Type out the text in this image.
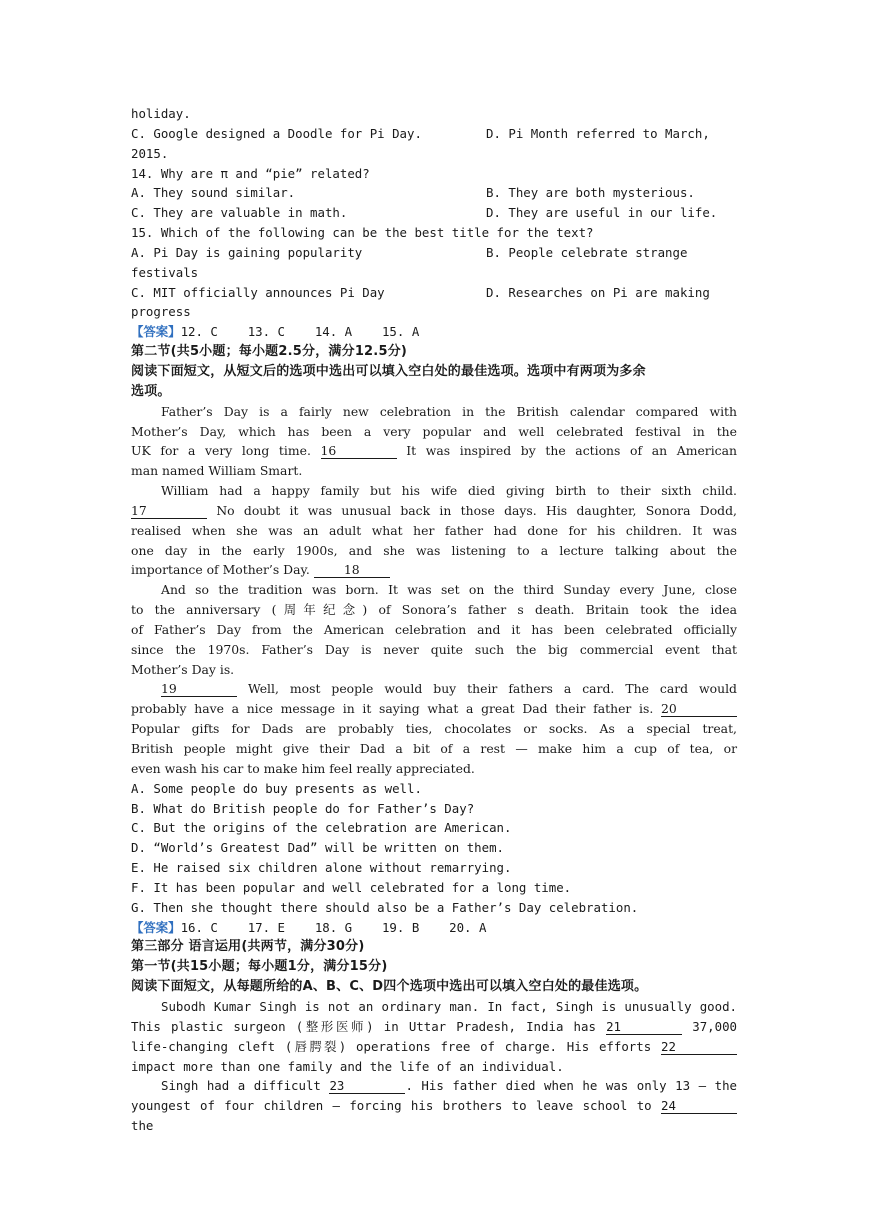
holiday.
C. Google designed a Doodle for Pi Day.	D. Pi Month referred to March,
2015.
14. Why are π and “pie” related?
A. They sound similar.	B. They are both mysterious.
C. They are valuable in math.	D. They are useful in our life.
15. Which of the following can be the best title for the text?
A. Pi Day is gaining popularity	B. People celebrate strange
festivals
C. MIT officially announces Pi Day	D. Researches on Pi are making
progress
【答案】12. C    13. C    14. A    15. A
第二节(共5小题；每小题2.5分，满分12.5分)
阅读下面短文，从短文后的选项中选出可以填入空白处的最佳选项。选项中有两项为多余
选项。
Father’s Day is a fairly new celebration in the British calendar compared with
Mother’s Day, which has been a very popular and well celebrated festival in the
UK for a very long time. 16	It was inspired by the actions of an American
man named William Smart.
William had a happy family but his wife died giving birth to their sixth child.
17	No doubt it was unusual back in those days. His daughter, Sonora Dodd,
realised when she was an adult what her father had done for his children. It was
one day in the early 1900s, and she was listening to a lecture talking about the
importance of Mother’s Day.	18
And so the tradition was born. It was set on the third Sunday every June, close
to the anniversary (周年纪念) of Sonora’s father s death. Britain took the idea
of Father’s Day from the American celebration and it has been celebrated officially
since the 1970s. Father’s Day is never quite such the big commercial event that
Mother’s Day is.
19	Well, most people would buy their fathers a card. The card would
probably have a nice message in it saying what a great Dad their father is. 20
Popular gifts for Dads are probably ties, chocolates or socks. As a special treat,
British people might give their Dad a bit of a rest — make him a cup of tea, or
even wash his car to make him feel really appreciated.
A. Some people do buy presents as well.
B. What do British people do for Father’s Day?
C. But the origins of the celebration are American.
D. “World’s Greatest Dad” will be written on them.
E. He raised six children alone without remarrying.
F. It has been popular and well celebrated for a long time.
G. Then she thought there should also be a Father’s Day celebration.
【答案】16. C    17. E    18. G    19. B    20. A
第三部分 语言运用(共两节，满分30分)
第一节(共15小题；每小题1分，满分15分)
阅读下面短文，从每题所给的A、B、C、D四个选项中选出可以填入空白处的最佳选项。
Subodh Kumar Singh is not an ordinary man. In fact, Singh is unusually good.
This plastic surgeon (整形医师) in Uttar Pradesh, India has 21	37,000
life-changing cleft (唇腭裂) operations free of charge. His efforts 22
impact more than one family and the life of an individual.
Singh had a difficult 23	. His father died when he was only 13 — the
youngest of four children — forcing his brothers to leave school to 24 the
